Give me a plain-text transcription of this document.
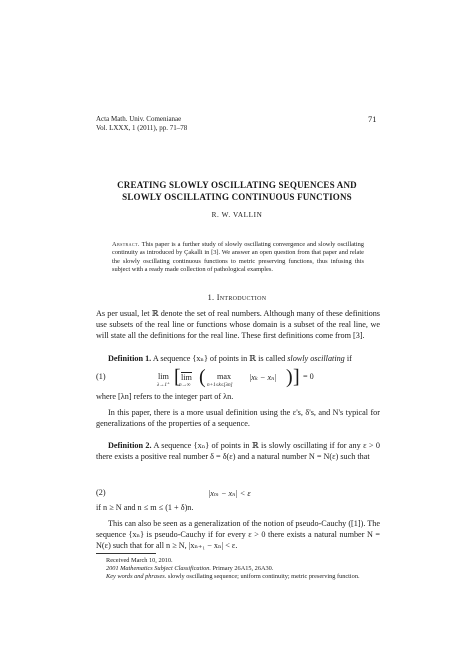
Acta Math. Univ. Comenianae
Vol. LXXX, 1 (2011), pp. 71–78
71
CREATING SLOWLY OSCILLATING SEQUENCES AND
SLOWLY OSCILLATING CONTINUOUS FUNCTIONS
R. W. VALLIN
Abstract. This paper is a further study of slowly oscillating convergence and slowly oscillating continuity as introduced by Çakalli in [3]. We answer an open question from that paper and relate the slowly oscillating continuous functions to metric preserving functions, thus infusing this subject with a ready made collection of pathological examples.
1. Introduction
As per usual, let ℝ denote the set of real numbers. Although many of these definitions use subsets of the real line or functions whose domain is a subset of the real line, we will state all the definitions for the real line. These first definitions come from [3].
Definition 1. A sequence {xₙ} of points in ℝ is called slowly oscillating if
(1)	lim
λ→1⁺ [ lim
n→∞ ( max
n+1≤k≤[λn]
|xₖ − xₙ| ) ] = 0
where [λn] refers to the integer part of λn.
In this paper, there is a more usual definition using the ε's, δ's, and N's typical for generalizations of the properties of a sequence.
Definition 2. A sequence {xₙ} of points in ℝ is slowly oscillating if for any ε > 0 there exists a positive real number δ = δ(ε) and a natural number N = N(ε) such that
(2)	|xₘ − xₙ| < ε
if n ≥ N and n ≤ m ≤ (1 + δ)n.
This can also be seen as a generalization of the notion of pseudo-Cauchy ([1]). The sequence {xₙ} is pseudo-Cauchy if for every ε > 0 there exists a natural number N = N(ε) such that for all n ≥ N, |xₙ₊₁ − xₙ| < ε.
Received March 10, 2010.
2001 Mathematics Subject Classification. Primary 26A15, 26A30.
Key words and phrases. slowly oscillating sequence; uniform continuity; metric preserving function.
